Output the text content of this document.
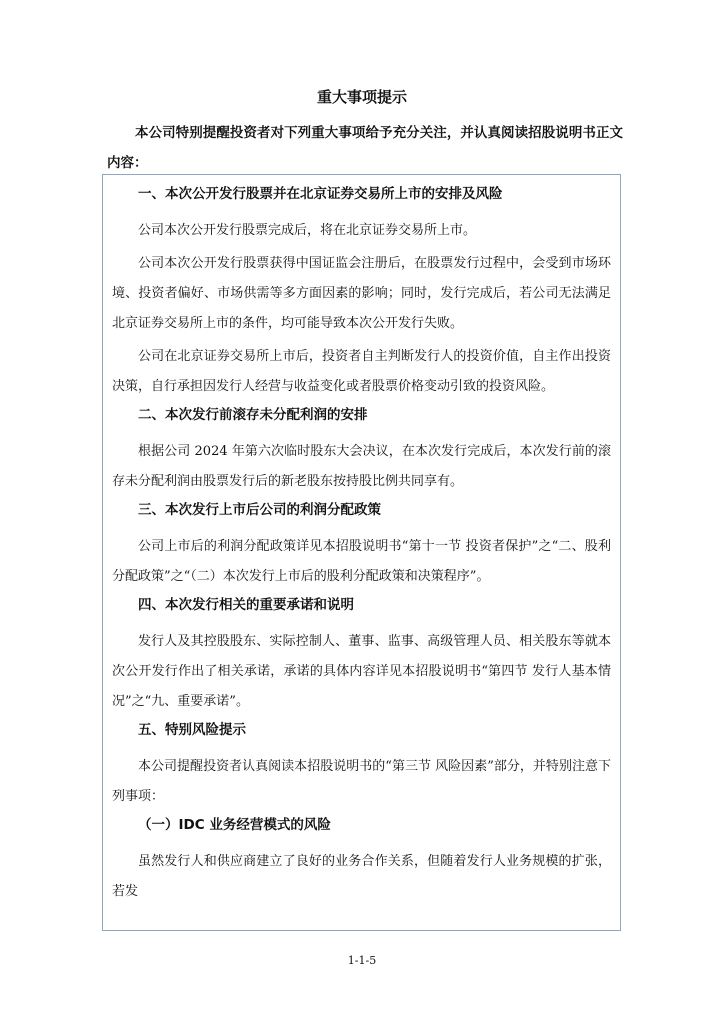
重大事项提示
本公司特别提醒投资者对下列重大事项给予充分关注，并认真阅读招股说明书正文内容：
一、本次公开发行股票并在北京证券交易所上市的安排及风险
公司本次公开发行股票完成后，将在北京证券交易所上市。
公司本次公开发行股票获得中国证监会注册后，在股票发行过程中，会受到市场环境、投资者偏好、市场供需等多方面因素的影响；同时，发行完成后，若公司无法满足北京证券交易所上市的条件，均可能导致本次公开发行失败。
公司在北京证券交易所上市后，投资者自主判断发行人的投资价值，自主作出投资决策，自行承担因发行人经营与收益变化或者股票价格变动引致的投资风险。
二、本次发行前滚存未分配利润的安排
根据公司 2024 年第六次临时股东大会决议，在本次发行完成后，本次发行前的滚存未分配利润由股票发行后的新老股东按持股比例共同享有。
三、本次发行上市后公司的利润分配政策
公司上市后的利润分配政策详见本招股说明书“第十一节 投资者保护”之“二、股利分配政策”之“（二）本次发行上市后的股利分配政策和决策程序”。
四、本次发行相关的重要承诺和说明
发行人及其控股股东、实际控制人、董事、监事、高级管理人员、相关股东等就本次公开发行作出了相关承诺，承诺的具体内容详见本招股说明书“第四节 发行人基本情况”之“九、重要承诺”。
五、特别风险提示
本公司提醒投资者认真阅读本招股说明书的“第三节 风险因素”部分，并特别注意下列事项：
（一）IDC 业务经营模式的风险
虽然发行人和供应商建立了良好的业务合作关系，但随着发行人业务规模的扩张，若发
1-1-5
